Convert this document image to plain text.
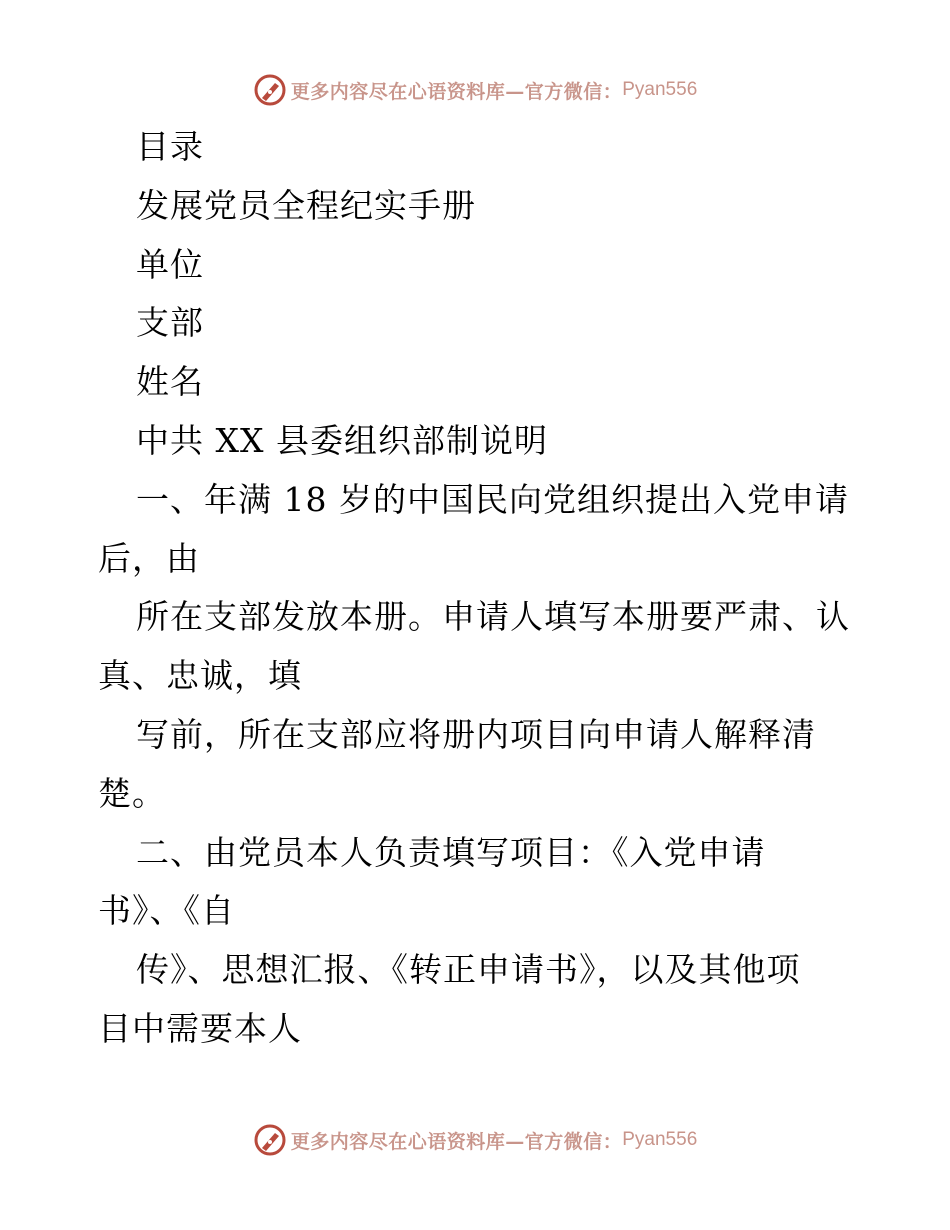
更多内容尽在心语资料库—官方微信： Pyan556
目录
发展党员全程纪实手册
单位
支部
姓名
中共 XX 县委组织部制说明
一、年满 18 岁的中国民向党组织提出入党申请
后，由
所在支部发放本册。申请人填写本册要严肃、认
真、忠诚，填
写前，所在支部应将册内项目向申请人解释清
楚。
二、由党员本人负责填写项目：《入党申请
书》、《自
传》、思想汇报、《转正申请书》，以及其他项
目中需要本人
更多内容尽在心语资料库—官方微信： Pyan556
